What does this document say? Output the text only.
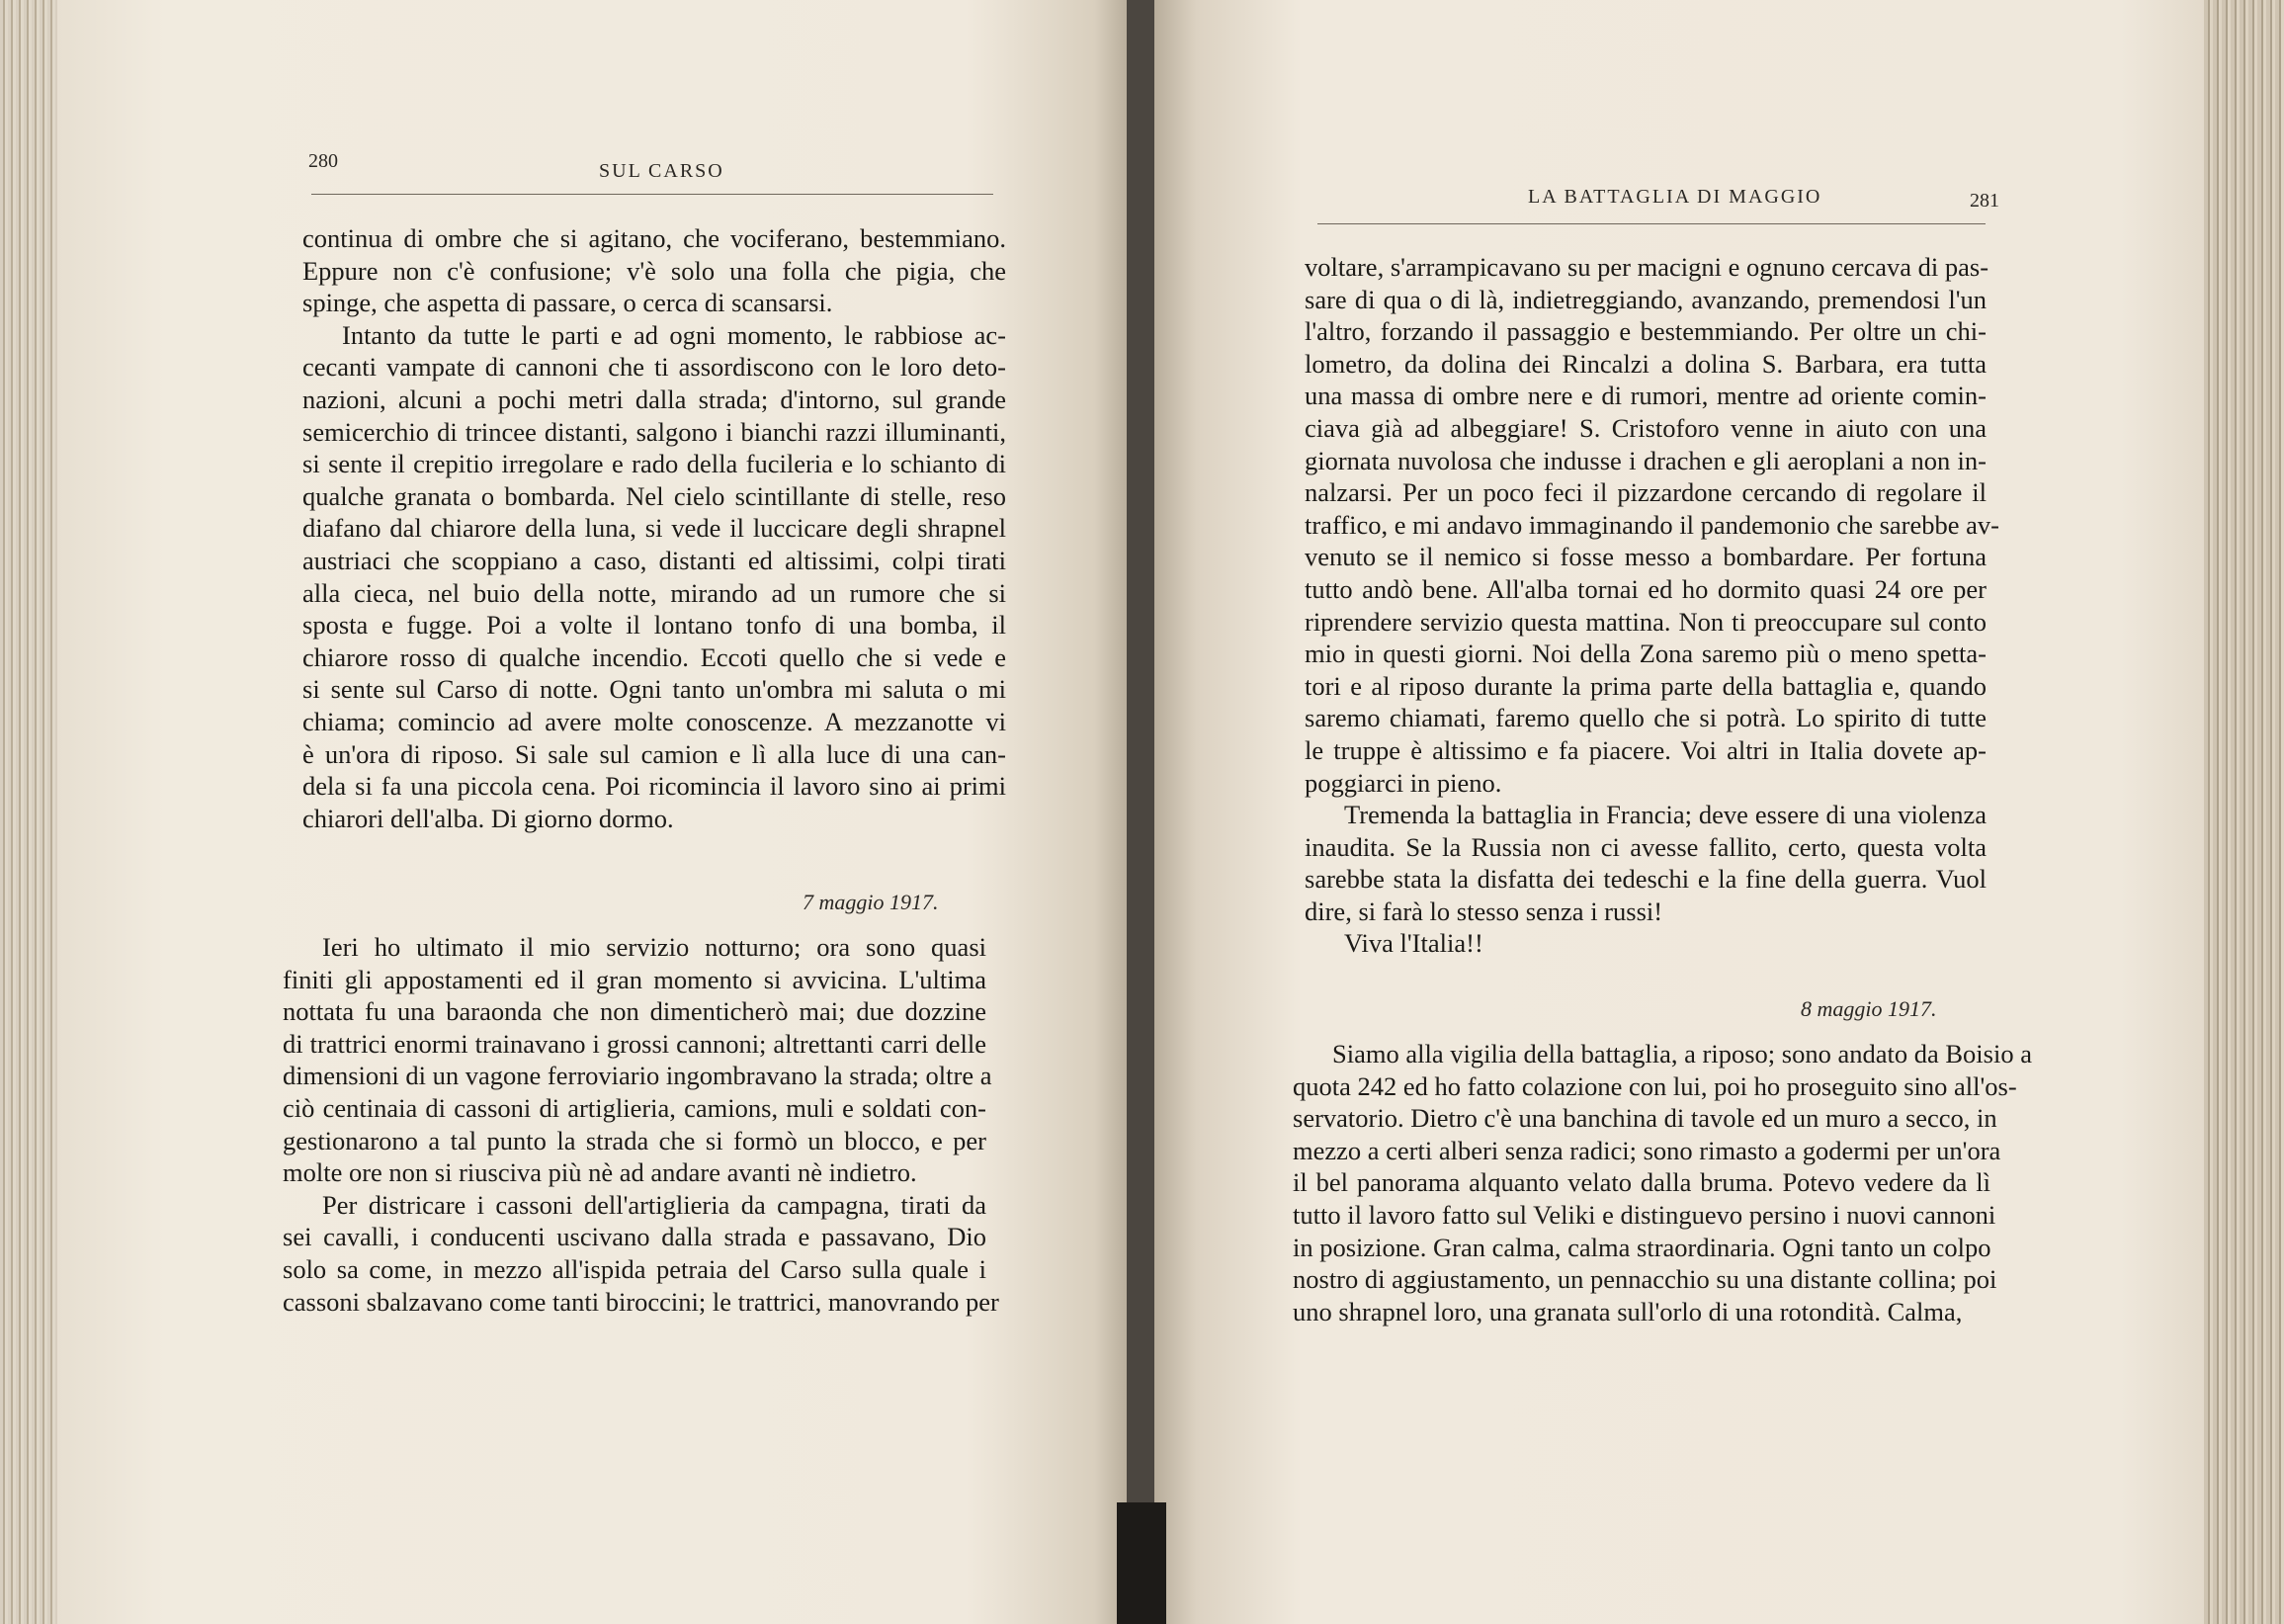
280	SUL CARSO
continua di ombre che si agitano, che vociferano, bestemmiano.
Eppure non c'è confusione; v'è solo una folla che pigia, che
spinge, che aspetta di passare, o cerca di scansarsi.
Intanto da tutte le parti e ad ogni momento, le rabbiose ac-
cecanti vampate di cannoni che ti assordiscono con le loro deto-
nazioni, alcuni a pochi metri dalla strada; d'intorno, sul grande
semicerchio di trincee distanti, salgono i bianchi razzi illuminanti,
si sente il crepitio irregolare e rado della fucileria e lo schianto di
qualche granata o bombarda. Nel cielo scintillante di stelle, reso
diafano dal chiarore della luna, si vede il luccicare degli shrapnel
austriaci che scoppiano a caso, distanti ed altissimi, colpi tirati
alla cieca, nel buio della notte, mirando ad un rumore che si
sposta e fugge. Poi a volte il lontano tonfo di una bomba, il
chiarore rosso di qualche incendio. Eccoti quello che si vede e
si sente sul Carso di notte. Ogni tanto un'ombra mi saluta o mi
chiama; comincio ad avere molte conoscenze. A mezzanotte vi
è un'ora di riposo. Si sale sul camion e lì alla luce di una can-
dela si fa una piccola cena. Poi ricomincia il lavoro sino ai primi
chiarori dell'alba. Di giorno dormo.
7 maggio 1917.
Ieri ho ultimato il mio servizio notturno; ora sono quasi
finiti gli appostamenti ed il gran momento si avvicina. L'ultima
nottata fu una baraonda che non dimenticherò mai; due dozzine
di trattrici enormi trainavano i grossi cannoni; altrettanti carri delle
dimensioni di un vagone ferroviario ingombravano la strada; oltre a
ciò centinaia di cassoni di artiglieria, camions, muli e soldati con-
gestionarono a tal punto la strada che si formò un blocco, e per
molte ore non si riusciva più nè ad andare avanti nè indietro.
Per districare i cassoni dell'artiglieria da campagna, tirati da
sei cavalli, i conducenti uscivano dalla strada e passavano, Dio
solo sa come, in mezzo all'ispida petraia del Carso sulla quale i
cassoni sbalzavano come tanti biroccini; le trattrici, manovrando per
LA BATTAGLIA DI MAGGIO	281
voltare, s'arrampicavano su per macigni e ognuno cercava di pas-
sare di qua o di là, indietreggiando, avanzando, premendosi l'un
l'altro, forzando il passaggio e bestemmiando. Per oltre un chi-
lometro, da dolina dei Rincalzi a dolina S. Barbara, era tutta
una massa di ombre nere e di rumori, mentre ad oriente comin-
ciava già ad albeggiare! S. Cristoforo venne in aiuto con una
giornata nuvolosa che indusse i drachen e gli aeroplani a non in-
nalzarsi. Per un poco feci il pizzardone cercando di regolare il
traffico, e mi andavo immaginando il pandemonio che sarebbe av-
venuto se il nemico si fosse messo a bombardare. Per fortuna
tutto andò bene. All'alba tornai ed ho dormito quasi 24 ore per
riprendere servizio questa mattina. Non ti preoccupare sul conto
mio in questi giorni. Noi della Zona saremo più o meno spetta-
tori e al riposo durante la prima parte della battaglia e, quando
saremo chiamati, faremo quello che si potrà. Lo spirito di tutte
le truppe è altissimo e fa piacere. Voi altri in Italia dovete ap-
poggiarci in pieno.
Tremenda la battaglia in Francia; deve essere di una violenza
inaudita. Se la Russia non ci avesse fallito, certo, questa volta
sarebbe stata la disfatta dei tedeschi e la fine della guerra. Vuol
dire, si farà lo stesso senza i russi!
Viva l'Italia!!
8 maggio 1917.
Siamo alla vigilia della battaglia, a riposo; sono andato da Boisio a
quota 242 ed ho fatto colazione con lui, poi ho proseguito sino all'os-
servatorio. Dietro c'è una banchina di tavole ed un muro a secco, in
mezzo a certi alberi senza radici; sono rimasto a godermi per un'ora
il bel panorama alquanto velato dalla bruma. Potevo vedere da lì
tutto il lavoro fatto sul Veliki e distinguevo persino i nuovi cannoni
in posizione. Gran calma, calma straordinaria. Ogni tanto un colpo
nostro di aggiustamento, un pennacchio su una distante collina; poi
uno shrapnel loro, una granata sull'orlo di una rotondità. Calma,
